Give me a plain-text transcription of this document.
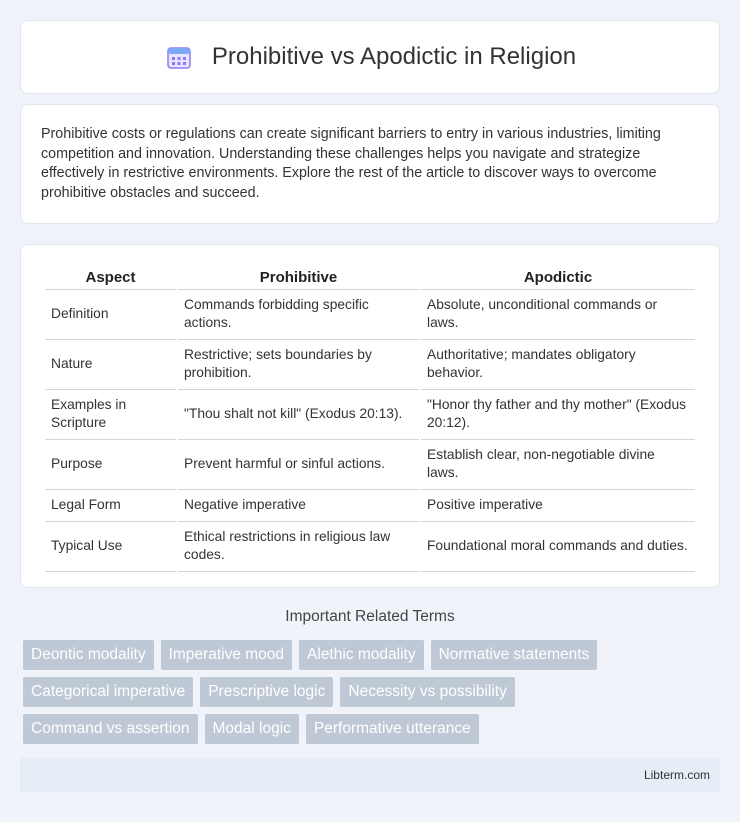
Prohibitive vs Apodictic in Religion

Prohibitive costs or regulations can create significant barriers to entry in various industries, limiting competition and innovation. Understanding these challenges helps you navigate and strategize effectively in restrictive environments. Explore the rest of the article to discover ways to overcome prohibitive obstacles and succeed.

Aspect	Prohibitive	Apodictic
Definition	Commands forbidding specific actions.	Absolute, unconditional commands or laws.
Nature	Restrictive; sets boundaries by prohibition.	Authoritative; mandates obligatory behavior.
Examples in Scripture	"Thou shalt not kill" (Exodus 20:13).	"Honor thy father and thy mother" (Exodus 20:12).
Purpose	Prevent harmful or sinful actions.	Establish clear, non-negotiable divine laws.
Legal Form	Negative imperative	Positive imperative
Typical Use	Ethical restrictions in religious law codes.	Foundational moral commands and duties.
Important Related Terms
Deontic modality	Imperative mood	Alethic modality	Normative statements
Categorical imperative	Prescriptive logic	Necessity vs possibility
Command vs assertion	Modal logic	Performative utterance
Libterm.com
